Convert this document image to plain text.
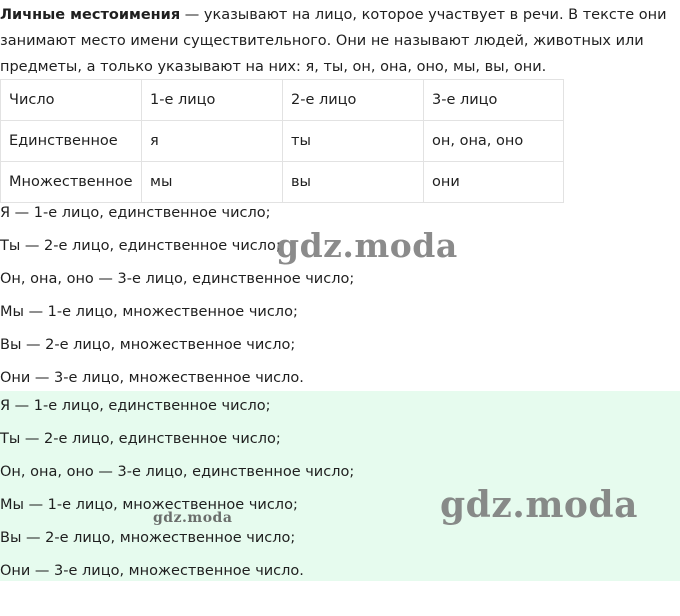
Личные местоимения — указывают на лицо, которое участвует в речи. В тексте они занимают место имени существительного. Они не называют людей, животных или предметы, а только указывают на них: я, ты, он, она, оно, мы, вы, они.

Число	1-е лицо	2-е лицо	3-е лицо
Единственное	я	ты	он, она, оно
Множественное	мы	вы	они
Я — 1-е лицо, единственное число;
Ты — 2-е лицо, единственное число;
Он, она, оно — 3-е лицо, единственное число;
Мы — 1-е лицо, множественное число;
Вы — 2-е лицо, множественное число;
Они — 3-е лицо, множественное число.
Я — 1-е лицо, единственное число;
Ты — 2-е лицо, единственное число;
Он, она, оно — 3-е лицо, единственное число;
Мы — 1-е лицо, множественное число;
Вы — 2-е лицо, множественное число;
Они — 3-е лицо, множественное число.
gdz.moda
gdz.moda
gdz.moda
